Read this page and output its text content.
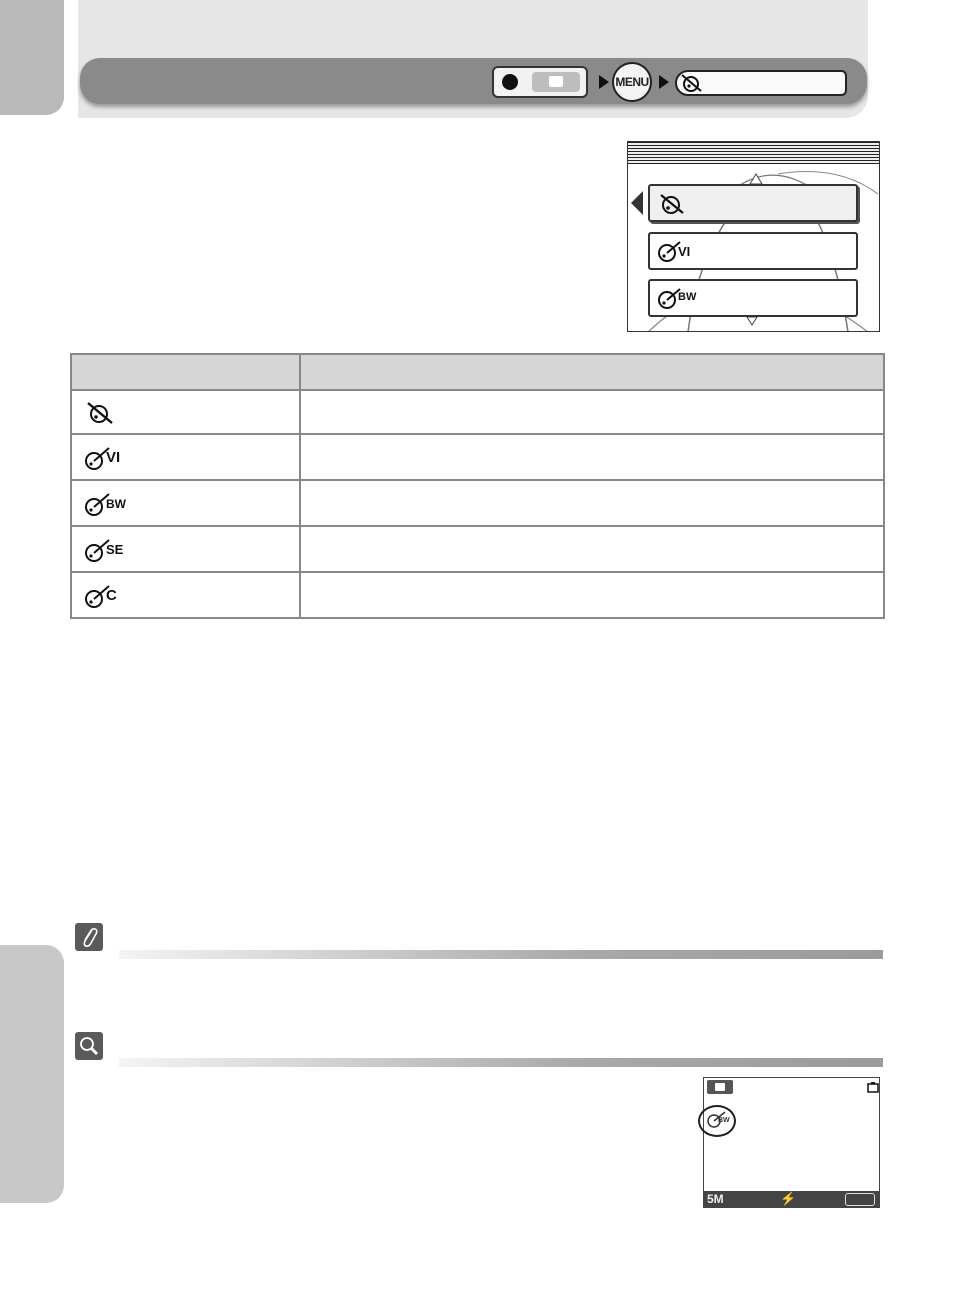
MENU
VI
BW
VI
BW
SE
C
BW
5M	⚡
